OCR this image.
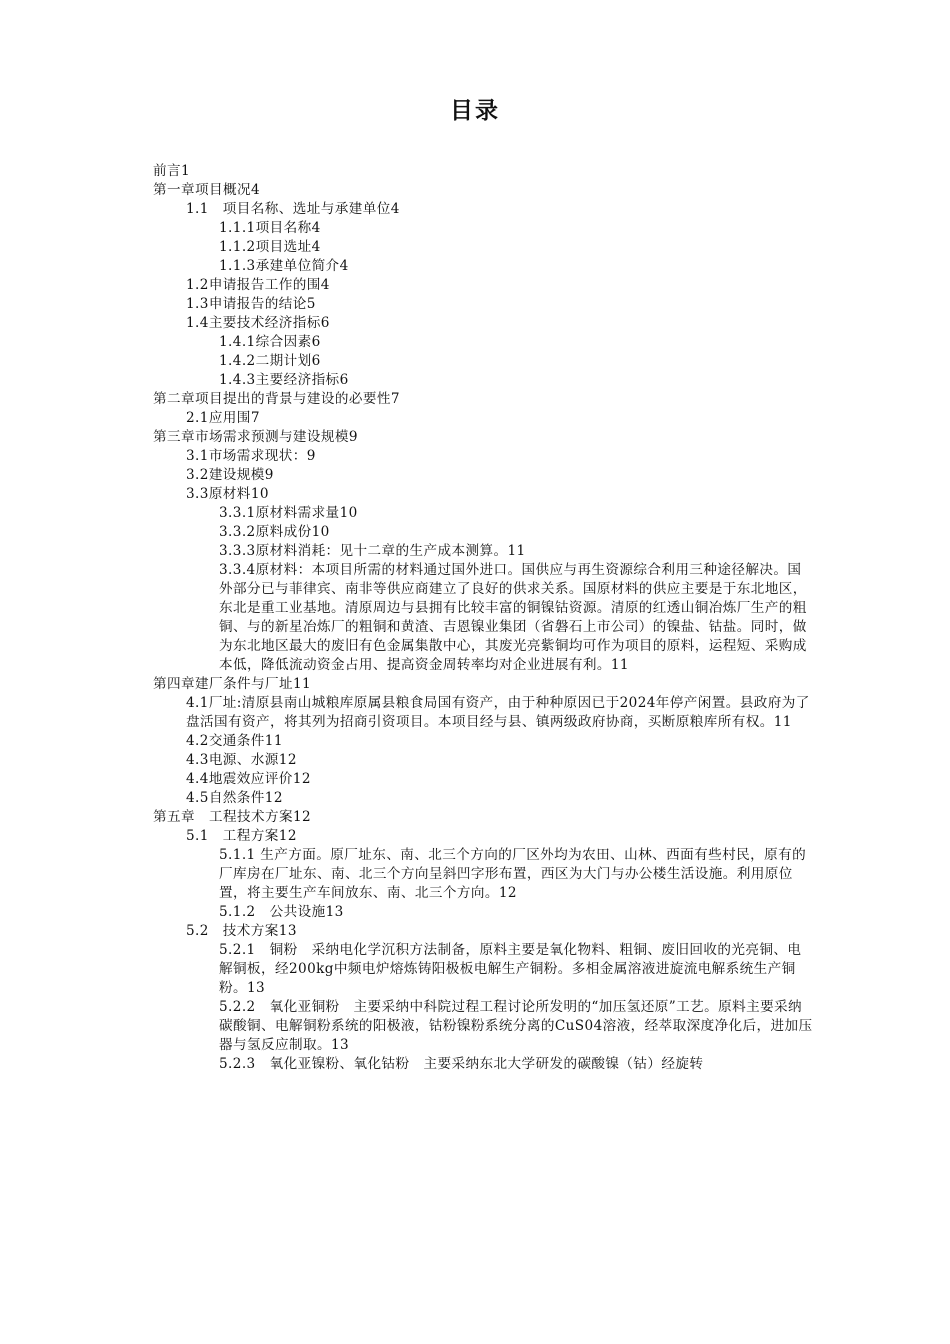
目录
前言1
第一章项目概况4
1.1　项目名称、选址与承建单位4
1.1.1项目名称4
1.1.2项目选址4
1.1.3承建单位简介4
1.2申请报告工作的围4
1.3申请报告的结论5
1.4主要技术经济指标6
1.4.1综合因素6
1.4.2二期计划6
1.4.3主要经济指标6
第二章项目提出的背景与建设的必要性7
2.1应用围7
第三章市场需求预测与建设规模9
3.1市场需求现状：9
3.2建设规模9
3.3原材料10
3.3.1原材料需求量10
3.3.2原料成份10
3.3.3原材料消耗：见十二章的生产成本测算。11
3.3.4原材料：本项目所需的材料通过国外进口。国供应与再生资源综合利用三种途径解决。国外部分已与菲律宾、南非等供应商建立了良好的供求关系。国原材料的供应主要是于东北地区，东北是重工业基地。清原周边与县拥有比较丰富的铜镍钴资源。清原的红透山铜冶炼厂生产的粗铜、与的新星冶炼厂的粗铜和黄渣、吉恩镍业集团（省磐石上市公司）的镍盐、钴盐。同时，做为东北地区最大的废旧有色金属集散中心，其废光亮紫铜均可作为项目的原料，运程短、采购成本低，降低流动资金占用、提高资金周转率均对企业进展有利。11
第四章建厂条件与厂址11
4.1厂址:清原县南山城粮库原属县粮食局国有资产，由于种种原因已于2024年停产闲置。县政府为了盘活国有资产，将其列为招商引资项目。本项目经与县、镇两级政府协商，买断原粮库所有权。11
4.2交通条件11
4.3电源、水源12
4.4地震效应评价12
4.5自然条件12
第五章　工程技术方案12
5.1　工程方案12
5.1.1 生产方面。原厂址东、南、北三个方向的厂区外均为农田、山林、西面有些村民，原有的厂库房在厂址东、南、北三个方向呈斜凹字形布置，西区为大门与办公楼生活设施。利用原位置，将主要生产车间放东、南、北三个方向。12
5.1.2　公共设施13
5.2　技术方案13
5.2.1　铜粉　采纳电化学沉积方法制备，原料主要是氧化物料、粗铜、废旧回收的光亮铜、电解铜板，经200kg中频电炉熔炼铸阳极板电解生产铜粉。多相金属溶液进旋流电解系统生产铜粉。13
5.2.2　氧化亚铜粉　主要采纳中科院过程工程讨论所发明的“加压氢还原”工艺。原料主要采纳碳酸铜、电解铜粉系统的阳极液，钴粉镍粉系统分离的CuS04溶液，经萃取深度净化后，进加压器与氢反应制取。13
5.2.3　氧化亚镍粉、氧化钴粉　主要采纳东北大学研发的碳酸镍（钴）经旋转
